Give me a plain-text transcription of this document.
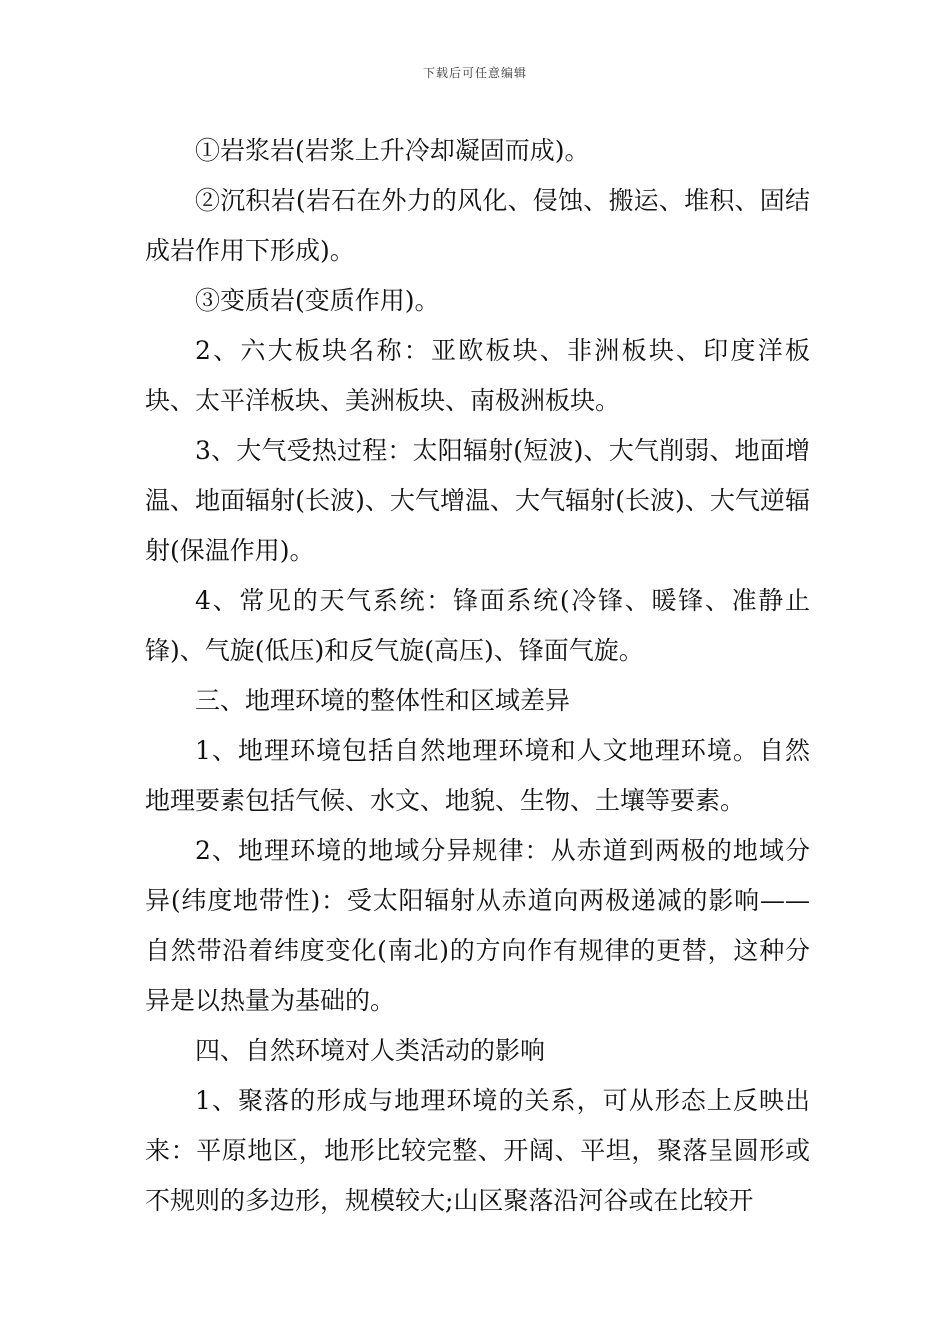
下载后可任意编辑

①岩浆岩(岩浆上升冷却凝固而成)。

②沉积岩(岩石在外力的风化、侵蚀、搬运、堆积、固结成岩作用下形成)。

③变质岩(变质作用)。

2、六大板块名称：亚欧板块、非洲板块、印度洋板块、太平洋板块、美洲板块、南极洲板块。

3、大气受热过程：太阳辐射(短波)、大气削弱、地面增温、地面辐射(长波)、大气增温、大气辐射(长波)、大气逆辐射(保温作用)。

4、常见的天气系统：锋面系统(冷锋、暖锋、准静止锋)、气旋(低压)和反气旋(高压)、锋面气旋。

三、地理环境的整体性和区域差异

1、地理环境包括自然地理环境和人文地理环境。自然地理要素包括气候、水文、地貌、生物、土壤等要素。

2、地理环境的地域分异规律：从赤道到两极的地域分异(纬度地带性)：受太阳辐射从赤道向两极递减的影响——自然带沿着纬度变化(南北)的方向作有规律的更替，这种分异是以热量为基础的。

四、自然环境对人类活动的影响

1、聚落的形成与地理环境的关系，可从形态上反映出来：平原地区，地形比较完整、开阔、平坦，聚落呈圆形或不规则的多边形，规模较大;山区聚落沿河谷或在比较开
